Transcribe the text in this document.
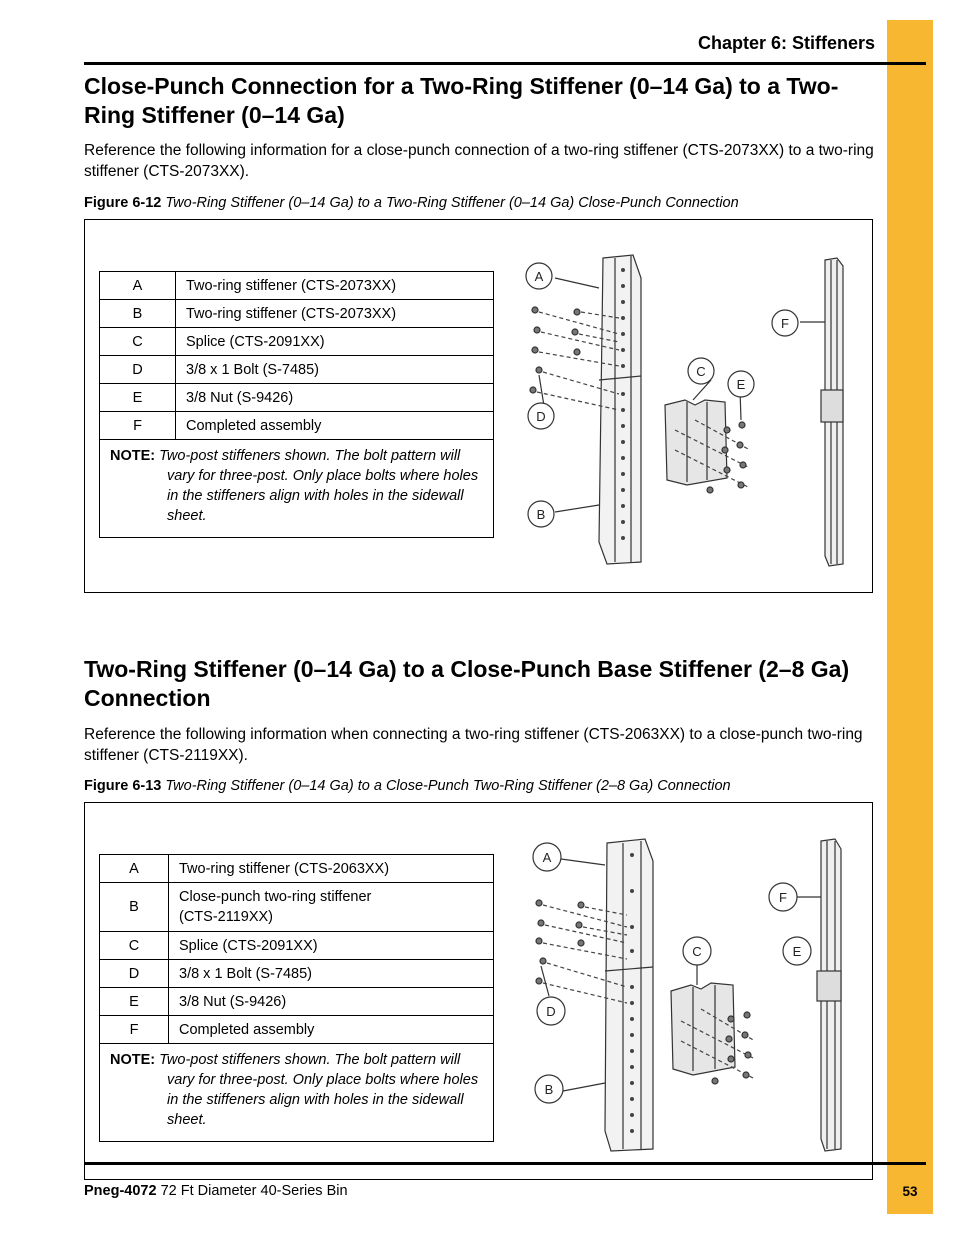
Chapter 6: Stiffeners
Close-Punch Connection for a Two-Ring Stiffener (0–14 Ga) to a Two-Ring Stiffener (0–14 Ga)

Reference the following information for a close-punch connection of a two-ring stiffener (CTS-2073XX) to a two-ring stiffener (CTS-2073XX).

Figure 6-12 Two-Ring Stiffener (0–14 Ga) to a Two-Ring Stiffener (0–14 Ga) Close-Punch Connection

A	Two-ring stiffener (CTS-2073XX)
B	Two-ring stiffener (CTS-2073XX)
C	Splice (CTS-2091XX)
D	3/8 x 1 Bolt (S-7485)
E	3/8 Nut (S-9426)
F	Completed assembly
NOTE: Two-post stiffeners shown. The bolt pattern will
vary for three-post. Only place bolts where holes in the stiffeners align with holes in the sidewall sheet.	
A
B
C
D
E
F
Two-Ring Stiffener (0–14 Ga) to a Close-Punch Base Stiffener (2–8 Ga) Connection

Reference the following information when connecting a two-ring stiffener (CTS-2063XX) to a close-punch two-ring stiffener (CTS-2119XX).

Figure 6-13 Two-Ring Stiffener (0–14 Ga) to a Close-Punch Two-Ring Stiffener (2–8 Ga) Connection

A	Two-ring stiffener (CTS-2063XX)
B	Close-punch two-ring stiffener (CTS-2119XX)
C	Splice (CTS-2091XX)
D	3/8 x 1 Bolt (S-7485)
E	3/8 Nut (S-9426)
F	Completed assembly
NOTE: Two-post stiffeners shown. The bolt pattern will
vary for three-post. Only place bolts where holes in the stiffeners align with holes in the sidewall sheet.	
A
B
C
D
E
F
Pneg-4072 72 Ft Diameter 40-Series Bin	53
